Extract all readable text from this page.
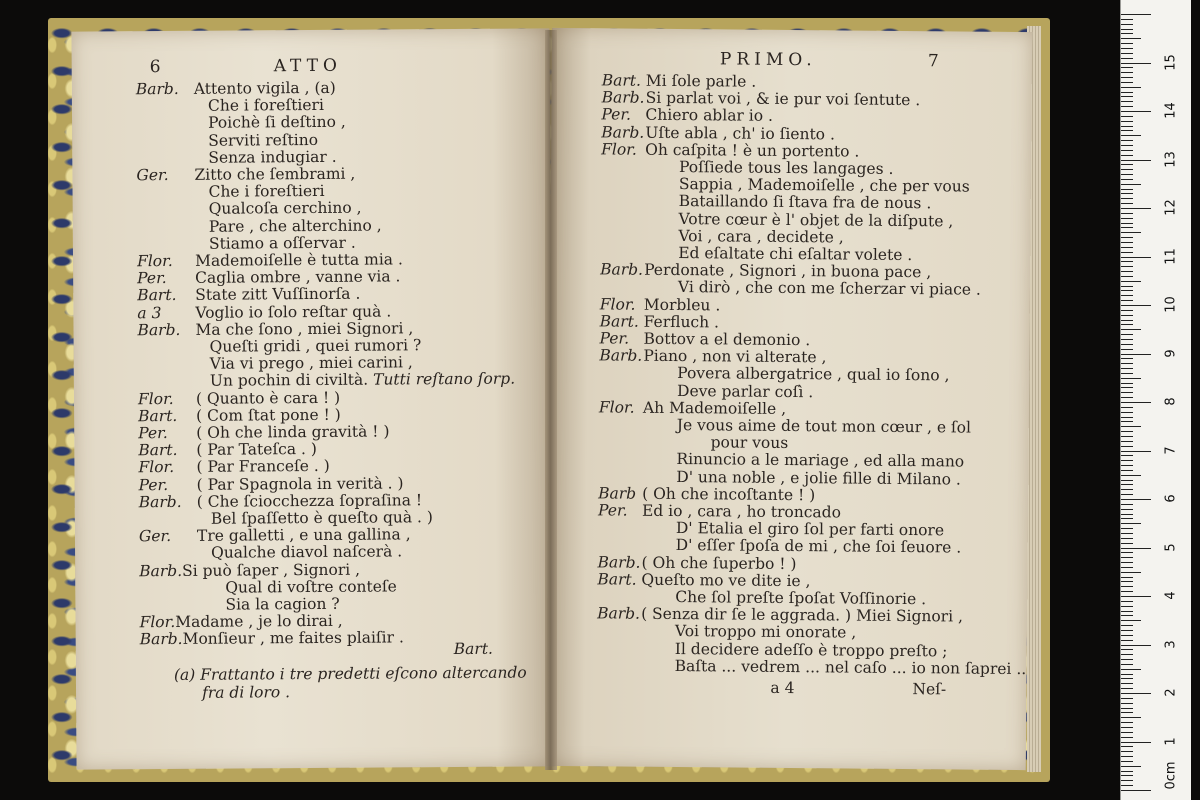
6	ATTO
Barb. Attento vigila , (a)
Che i foreſtieri
Poichè ſi deſtino ,
Serviti reſtino
Senza indugiar .
Ger. Zitto che ſembrami ,
Che i foreſtieri
Qualcoſa cerchino ,
Pare , che alterchino ,
Stiamo a oſſervar .
Flor. Mademoiſelle è tutta mia .
Per. Caglia ombre , vanne via .
Bart. State zitt Vuſſinorſa .
a 3 Voglio io ſolo reſtar quà .
Barb. Ma che ſono , miei Signori ,
Queſti gridi , quei rumori ?
Via vi prego , miei carini ,
Un pochin di civiltà. Tutti reſtano ſorp.
Flor. ( Quanto è cara ! )
Bart. ( Com ſtat pone ! )
Per. ( Oh che linda gravità ! )
Bart. ( Par Tateſca . )
Flor. ( Par Franceſe . )
Per. ( Par Spagnola in verità . )
Barb. ( Che ſciocchezza ſopraſina !
Bel ſpaſſetto è queſto quà . )
Ger. Tre galletti , e una gallina ,
Qualche diavol naſcerà .
Barb.Si può ſaper , Signori ,
Qual di voſtre conteſe
Sia la cagion ?
Flor.Madame , je lo dirai ,
Barb.Monſieur , me faites plaiſir .
Bart.
(a) Frattanto i tre predetti eſcono altercando
fra di loro .
PRIMO.	7
Bart. Mi ſole parle .
Barb.Si parlat voi , & ie pur voi ſentute .
Per. Chiero ablar io .
Barb.Uſte abla , ch' io ſiento .
Flor. Oh caſpita ! è un portento .
Poſſiede tous les langages .
Sappia , Mademoiſelle , che per vous
Bataillando ſi ſtava fra de nous .
Votre cœur è l' objet de la diſpute ,
Voi , cara , decidete ,
Ed eſaltate chi eſaltar volete .
Barb.Perdonate , Signori , in buona pace ,
Vi dirò , che con me ſcherzar vi piace .
Flor. Morbleu .
Bart. Ferfluch .
Per. Bottov a el demonio .
Barb.Piano , non vi alterate ,
Povera albergatrice , qual io ſono ,
Deve parlar coſì .
Flor. Ah Mademoiſelle ,
Je vous aime de tout mon cœur , e ſol
pour vous
Rinuncio a le mariage , ed alla mano
D' una noble , e jolie fille di Milano .
Barb ( Oh che incoſtante ! )
Per. Ed io , cara , ho troncado
D' Etalia el giro ſol per farti onore
D' eſſer ſpoſa de mi , che ſoi ſeuore .
Barb.( Oh che ſuperbo ! )
Bart. Queſto mo ve dite ie ,
Che ſol preſte ſpoſat Voſſinorie .
Barb.( Senza dir ſe le aggrada. ) Miei Signori ,
Voi troppo mi onorate ,
Il decidere adeſſo è troppo preſto ;
Baſta ... vedrem ... nel caſo ... io non ſaprei ..
a 4	Neſ-
0cm
1
2
3
4
5
6
7
8
9
10
11
12
13
14
15
